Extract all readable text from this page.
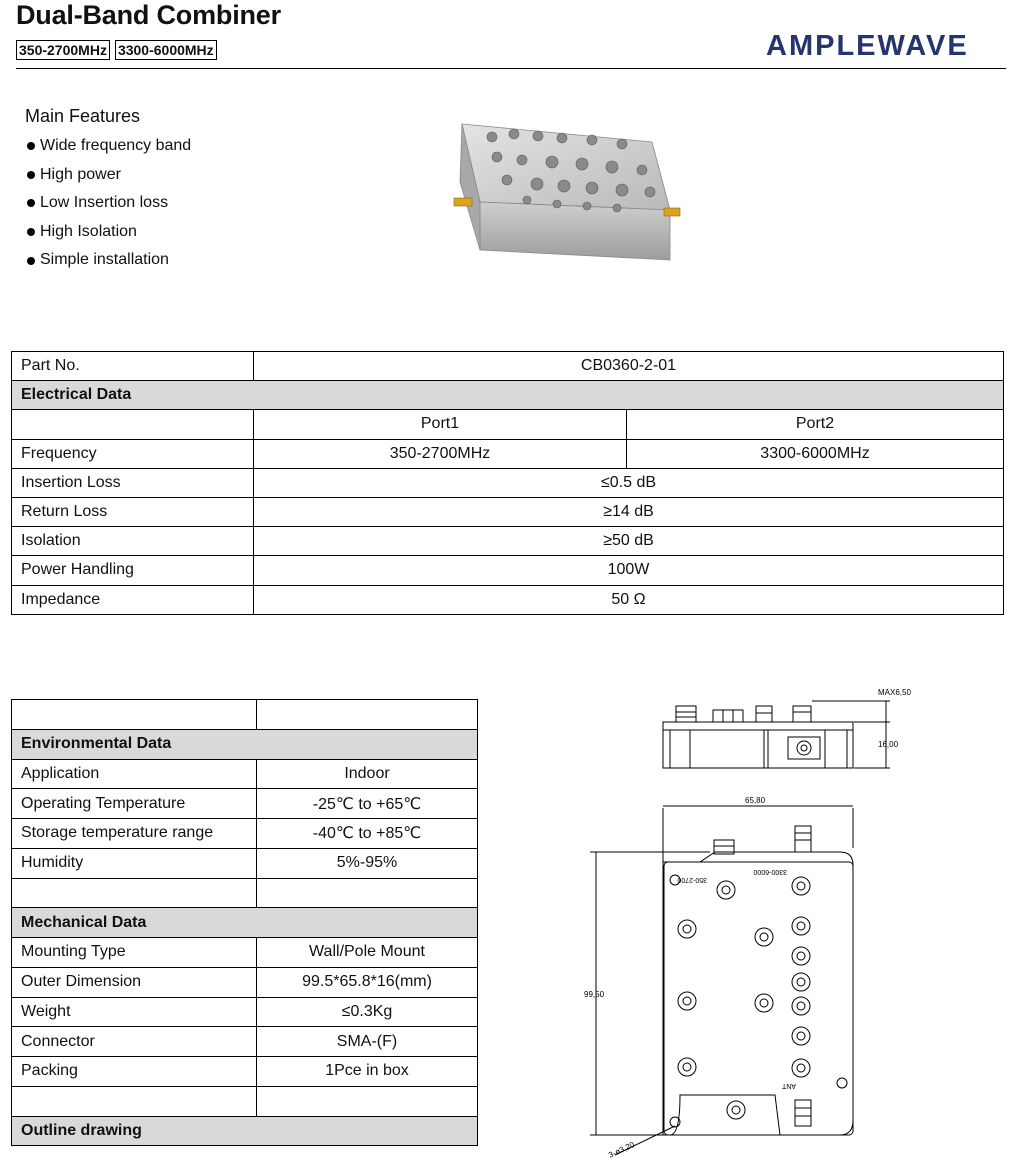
Dual-Band Combiner
350-2700MHz 3300-6000MHz	AMPLEWAVE
Main Features
Wide frequency band
High power
Low Insertion loss
High Isolation
Simple installation
Part No.	CB0360-2-01	
Electrical Data		
	Port1	Port2
Frequency	350-2700MHz	3300-6000MHz
Insertion Loss	≤0.5 dB	
Return Loss	≥14 dB	
Isolation	≥50 dB	
Power Handling	100W	
Impedance	50 Ω	

Environmental Data	
Application	Indoor
Operating Temperature	-25℃ to +65℃
Storage temperature range	-40℃ to +85℃
Humidity	5%-95%

Mechanical Data	
Mounting Type	Wall/Pole Mount
Outer Dimension	99.5*65.8*16(mm)
Weight	≤0.3Kg
Connector	SMA-(F)
Packing	1Pce in box

Outline drawing	
MAX6,50
16,00
65,80
99,50
3-ø3,20
350-2700
3300-6000
ANT
